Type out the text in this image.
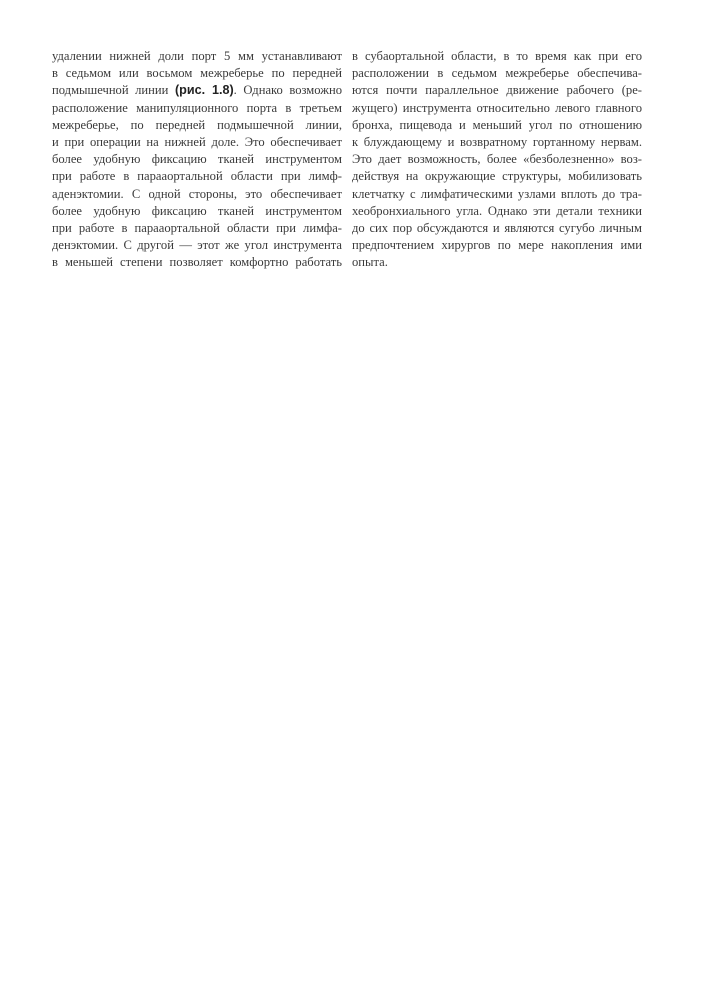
удалении нижней доли порт 5 мм устанавливают
в седьмом или восьмом межреберье по передней
подмышечной линии (рис. 1.8). Однако возможно
расположение манипуляционного порта в третьем
межреберье, по передней подмышечной линии,
и при операции на нижней доле. Это обеспечивает
более удобную фиксацию тканей инструментом
при работе в парааортальной области при лимф-
аденэктомии. С одной стороны, это обеспечивает
более удобную фиксацию тканей инструментом
при работе в парааортальной области при лимфа-
денэктомии. С другой — этот же угол инструмента
в меньшей степени позволяет комфортно работать
в субаортальной области, в то время как при его
расположении в седьмом межреберье обеспечива-
ются почти параллельное движение рабочего (ре-
жущего) инструмента относительно левого главного
бронха, пищевода и меньший угол по отношению
к блуждающему и возвратному гортанному нервам.
Это дает возможность, более «безболезненно» воз-
действуя на окружающие структуры, мобилизовать
клетчатку с лимфатическими узлами вплоть до тра-
хеобронхиального угла. Однако эти детали техники
до сих пор обсуждаются и являются сугубо личным
предпочтением хирургов по мере накопления ими
опыта.
